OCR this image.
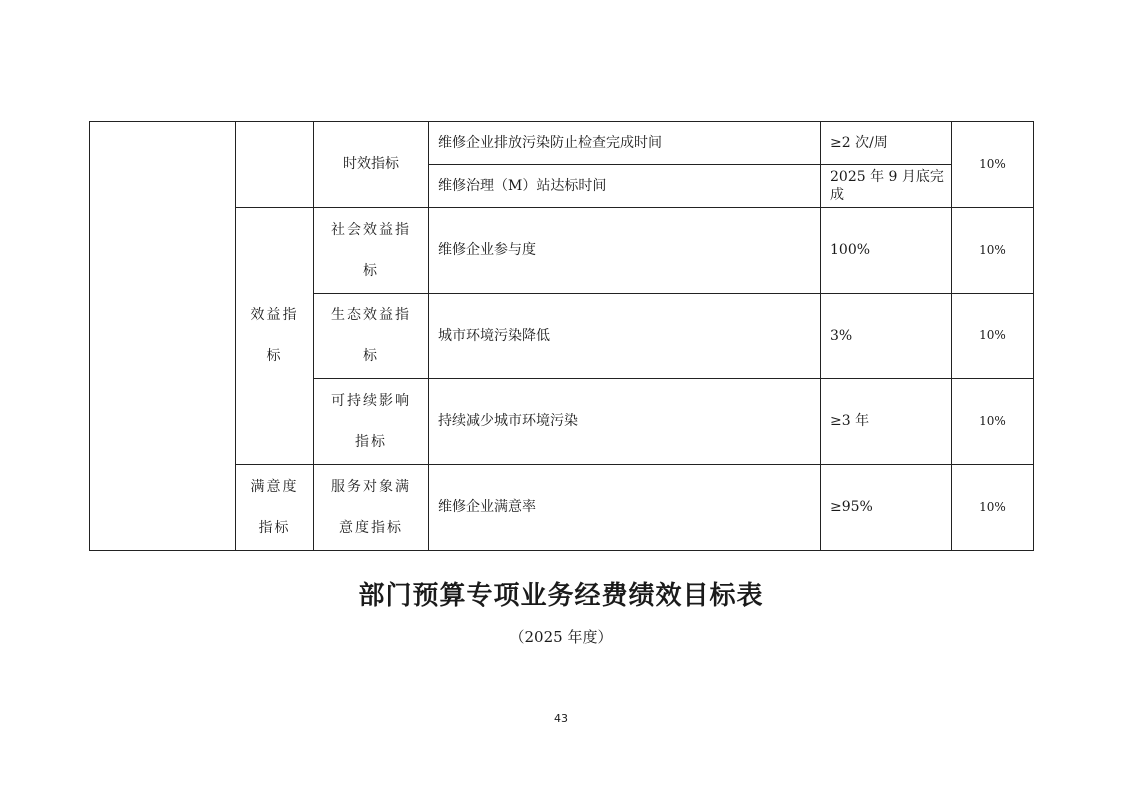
		时效指标	维修企业排放污染防止检查完成时间	≥2 次/周	10%
			维修治理（M）站达标时间	2025 年 9 月底完
成	

	效益指
标	社会效益指
标	维修企业参与度	100%	10%

		生态效益指
标	城市环境污染降低	3%	10%

		可持续影响
指标	持续减少城市环境污染	≥3 年	10%

	满意度
指标	服务对象满
意度指标	维修企业满意率	≥95%	10%
部门预算专项业务经费绩效目标表
（2025 年度）
43
